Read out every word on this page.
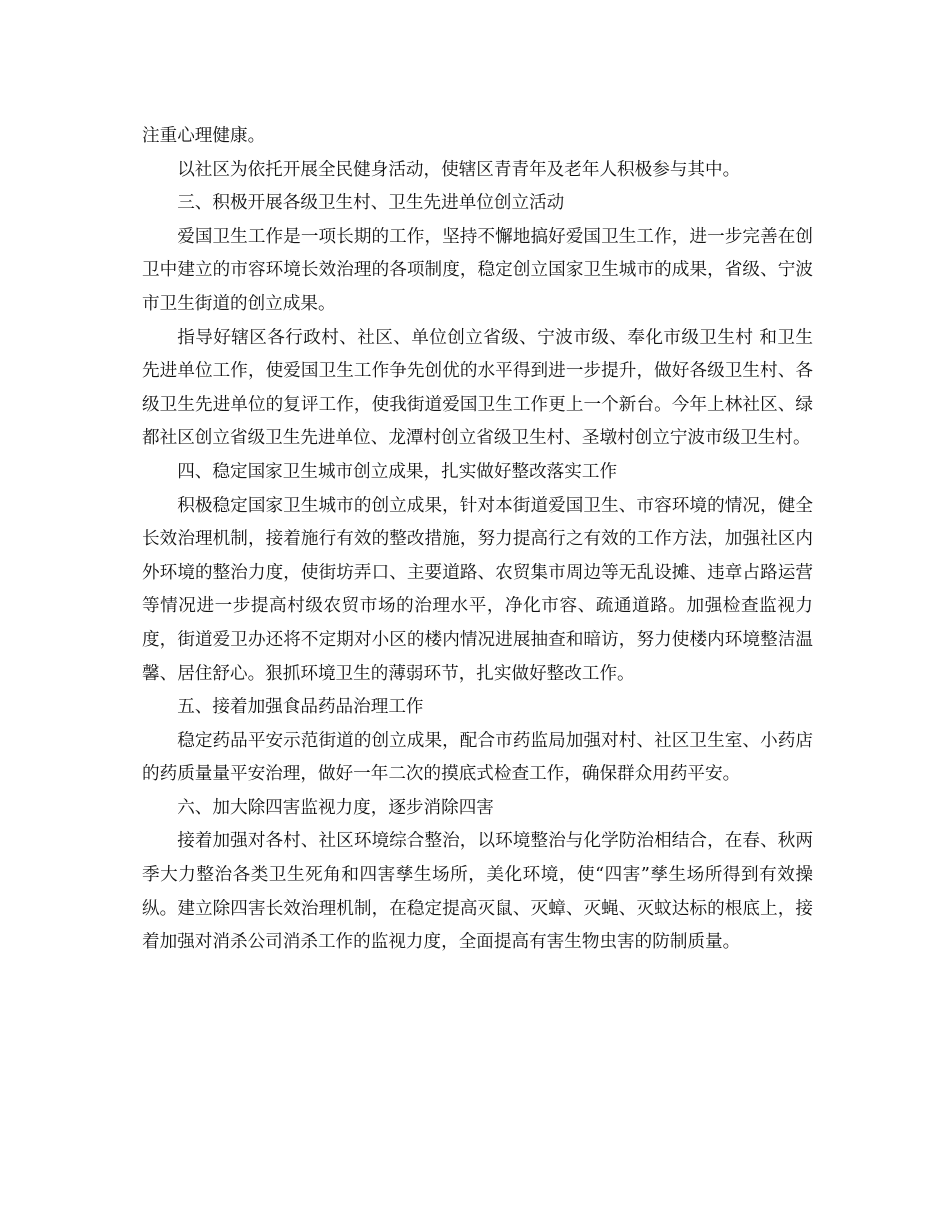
注重心理健康。

以社区为依托开展全民健身活动，使辖区青青年及老年人积极参与其中。

三、积极开展各级卫生村、卫生先进单位创立活动

爱国卫生工作是一项长期的工作，坚持不懈地搞好爱国卫生工作，进一步完善在创卫中建立的市容环境长效治理的各项制度，稳定创立国家卫生城市的成果，省级、宁波市卫生街道的创立成果。

指导好辖区各行政村、社区、单位创立省级、宁波市级、奉化市级卫生村 和卫生先进单位工作，使爱国卫生工作争先创优的水平得到进一步提升，做好各级卫生村、各级卫生先进单位的复评工作，使我街道爱国卫生工作更上一个新台。今年上林社区、绿都社区创立省级卫生先进单位、龙潭村创立省级卫生村、圣墩村创立宁波市级卫生村。

四、稳定国家卫生城市创立成果，扎实做好整改落实工作

积极稳定国家卫生城市的创立成果，针对本街道爱国卫生、市容环境的情况，健全长效治理机制，接着施行有效的整改措施，努力提高行之有效的工作方法，加强社区内外环境的整治力度，使街坊弄口、主要道路、农贸集市周边等无乱设摊、违章占路运营等情况进一步提高村级农贸市场的治理水平，净化市容、疏通道路。加强检查监视力度，街道爱卫办还将不定期对小区的楼内情况进展抽查和暗访，努力使楼内环境整洁温馨、居住舒心。狠抓环境卫生的薄弱环节，扎实做好整改工作。

五、接着加强食品药品治理工作

稳定药品平安示范街道的创立成果，配合市药监局加强对村、社区卫生室、小药店的药质量量平安治理，做好一年二次的摸底式检查工作，确保群众用药平安。

六、加大除四害监视力度，逐步消除四害

接着加强对各村、社区环境综合整治，以环境整治与化学防治相结合，在春、秋两季大力整治各类卫生死角和四害孳生场所，美化环境，使“四害”孳生场所得到有效操纵。建立除四害长效治理机制，在稳定提高灭鼠、灭蟑、灭蝇、灭蚊达标的根底上，接着加强对消杀公司消杀工作的监视力度，全面提高有害生物虫害的防制质量。
